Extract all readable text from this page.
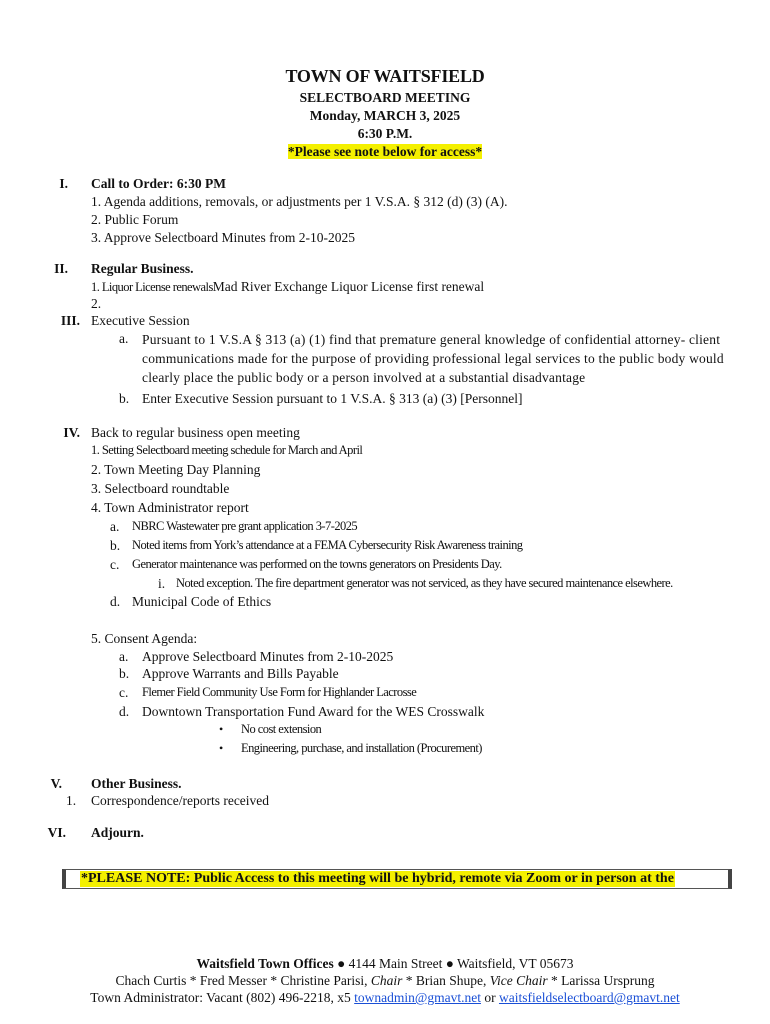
TOWN OF WAITSFIELD
SELECTBOARD MEETING
Monday, MARCH 3, 2025
6:30 P.M.
*Please see note below for access*
I. Call to Order: 6:30 PM
1. Agenda additions, removals, or adjustments per 1 V.S.A. § 312 (d) (3) (A).
2. Public Forum
3. Approve Selectboard Minutes from 2-10-2025
II. Regular Business.
1. Liquor License renewalsMad River Exchange Liquor License first renewal
2.
III. Executive Session
a. Pursuant to 1 V.S.A § 313 (a) (1) find that premature general knowledge of confidential attorney- client communications made for the purpose of providing professional legal services to the public body would clearly place the public body or a person involved at a substantial disadvantage
b. Enter Executive Session pursuant to 1 V.S.A. § 313 (a) (3) [Personnel]
IV. Back to regular business open meeting
1. Setting Selectboard meeting schedule for March and April
2. Town Meeting Day Planning
3. Selectboard roundtable
4. Town Administrator report
a. NBRC Wastewater pre grant application 3-7-2025
b. Noted items from York’s attendance at a FEMA Cybersecurity Risk Awareness training
c. Generator maintenance was performed on the towns generators on Presidents Day.
i. Noted exception. The fire department generator was not serviced, as they have secured maintenance elsewhere.
d. Municipal Code of Ethics
5. Consent Agenda:
a. Approve Selectboard Minutes from 2-10-2025
b. Approve Warrants and Bills Payable
c. Flemer Field Community Use Form for Highlander Lacrosse
d. Downtown Transportation Fund Award for the WES Crosswalk
• No cost extension
• Engineering, purchase, and installation (Procurement)
V. Other Business.
1. Correspondence/reports received
VI. Adjourn.
*PLEASE NOTE: Public Access to this meeting will be hybrid, remote via Zoom or in person at the
Waitsfield Town Offices ● 4144 Main Street ● Waitsfield, VT 05673
Chach Curtis * Fred Messer * Christine Parisi, Chair * Brian Shupe, Vice Chair * Larissa Ursprung
Town Administrator: Vacant (802) 496-2218, x5 townadmin@gmavt.net or waitsfieldselectboard@gmavt.net
